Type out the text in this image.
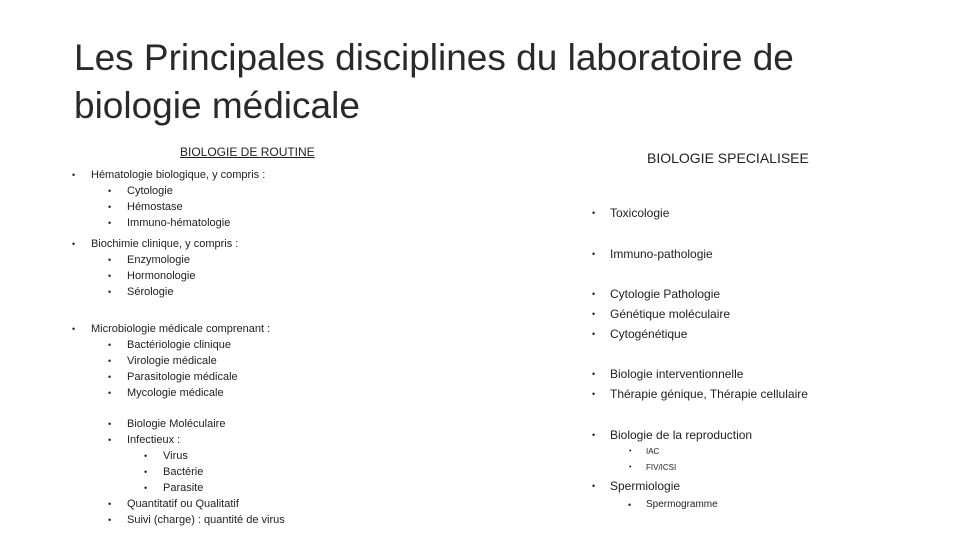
Les Principales disciplines du laboratoire de
biologie médicale
BIOLOGIE DE ROUTINE	BIOLOGIE SPECIALISEE
• Hématologie biologique, y compris :
• Cytologie
• Hémostase
• Immuno-hématologie
• Biochimie clinique, y compris :
• Enzymologie
• Hormonologie
• Sérologie
• Microbiologie médicale comprenant :
• Bactériologie clinique
• Virologie médicale
• Parasitologie médicale
• Mycologie médicale
• Biologie Moléculaire
• Infectieux :
• Virus
• Bactérie
• Parasite
• Quantitatif ou Qualitatif
• Suivi (charge) : quantité de virus
• Toxicologie
• Immuno-pathologie
• Cytologie Pathologie
• Génétique moléculaire
• Cytogénétique
• Biologie interventionnelle
• Thérapie génique, Thérapie cellulaire
• Biologie de la reproduction
• IAC
• FIV/ICSI
• Spermiologie
• Spermogramme
